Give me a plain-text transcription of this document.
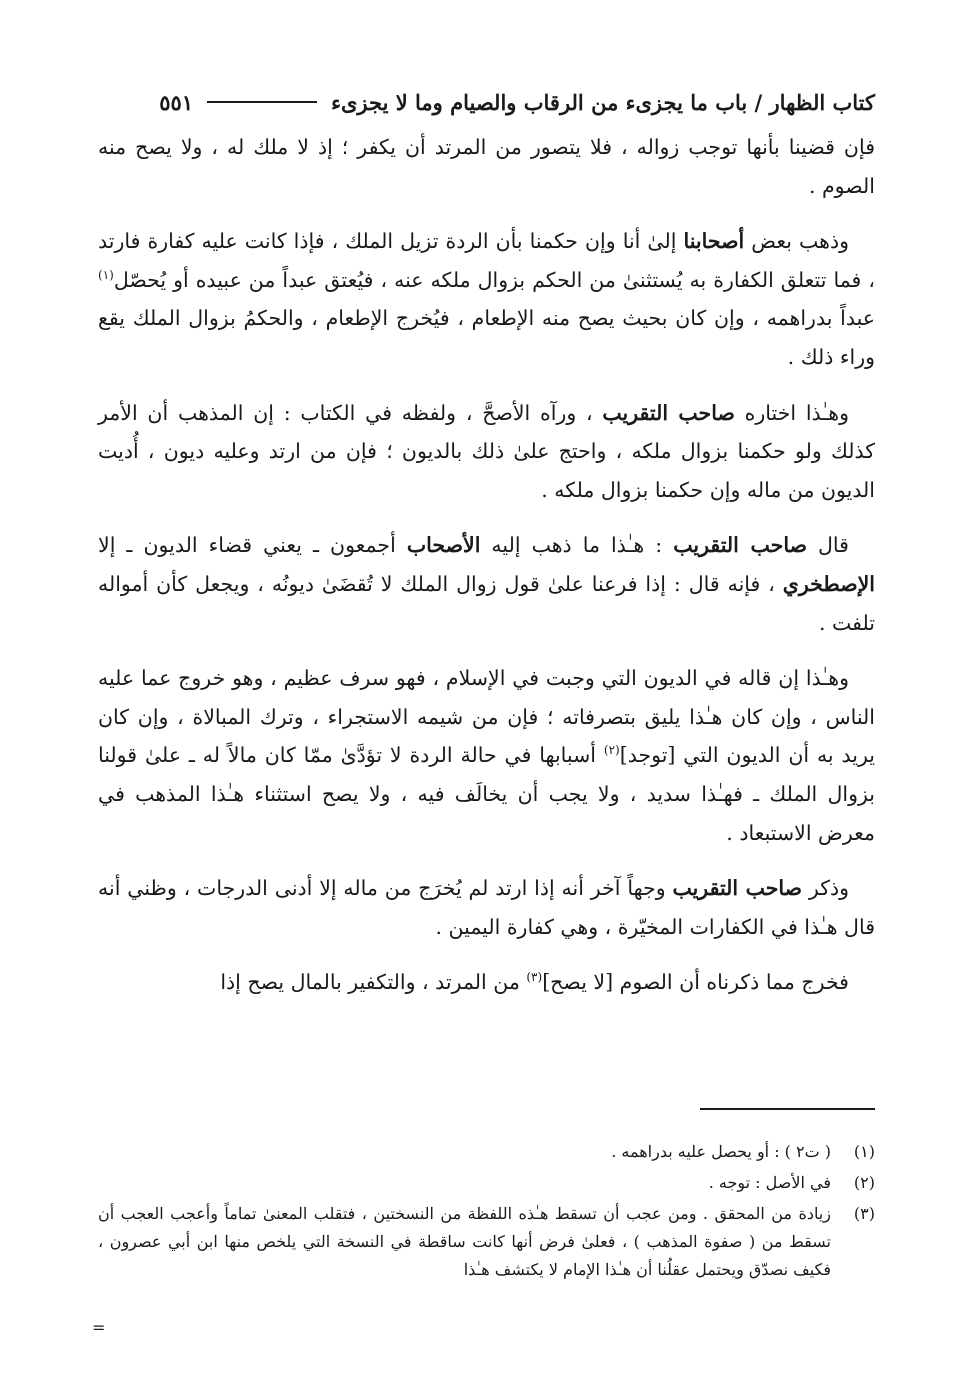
كتاب الظهار / باب ما يجزىء من الرقاب والصيام وما لا يجزىء
٥٥١

فإن قضينا بأنها توجب زواله ، فلا يتصور من المرتد أن يكفر ؛ إذ لا ملك له ، ولا يصح منه الصوم .

وذهب بعض أصحابنا إلىٰ أنا وإن حكمنا بأن الردة تزيل الملك ، فإذا كانت عليه كفارة فارتد ، فما تتعلق الكفارة به يُستثنىٰ من الحكم بزوال ملكه عنه ، فيُعتق عبداً من عبيده أو يُحصّل$^{(١)}$ عبداً بدراهمه ، وإن كان بحيث يصح منه الإطعام ، فيُخرج الإطعام ، والحكمُ بزوال الملك يقع وراء ذلك .

وهـٰذا اختاره صاحب التقريب ، ورآه الأصحَّ ، ولفظه في الكتاب : إن المذهب أن الأمر كذلك ولو حكمنا بزوال ملكه ، واحتج علىٰ ذلك بالديون ؛ فإن من ارتد وعليه ديون ، أُديت الديون من ماله وإن حكمنا بزوال ملكه .

قال صاحب التقريب : هـٰذا ما ذهب إليه الأصحاب أجمعون ـ يعني قضاء الديون ـ إلا الإصطخري ، فإنه قال : إذا فرعنا علىٰ قول زوال الملك لا تُقضَىٰ ديونُه ، ويجعل كأن أمواله تلفت .

وهـٰذا إن قاله في الديون التي وجبت في الإسلام ، فهو سرف عظيم ، وهو خروج عما عليه الناس ، وإن كان هـٰذا يليق بتصرفاته ؛ فإن من شيمه الاستجراء ، وترك المبالاة ، وإن كان يريد به أن الديون التي [توجد]$^{(٢)}$ أسبابها في حالة الردة لا تؤدَّىٰ ممّا كان مالاً له ـ علىٰ قولنا بزوال الملك ـ فهـٰذا سديد ، ولا يجب أن يخالَف فيه ، ولا يصح استثناء هـٰذا المذهب في معرض الاستبعاد .

وذكر صاحب التقريب وجهاً آخر أنه إذا ارتد لم يُخرَج من ماله إلا أدنى الدرجات ، وظني أنه قال هـٰذا في الكفارات المخيّرة ، وهي كفارة اليمين .

فخرج مما ذكرناه أن الصوم [لا يصح]$^{(٣)}$ من المرتد ، والتكفير بالمال يصح إذا

(١)
( ت٢ ) : أو يحصل عليه بدراهمه .
(٢)
في الأصل : توجه .
(٣)
زيادة من المحقق . ومن عجب أن تسقط هـٰذه اللفظة من النسختين ، فتقلب المعنىٰ تماماً وأعجب العجب أن تسقط من ( صفوة المذهب ) ، فعلىٰ فرض أنها كانت ساقطة في النسخة التي يلخص منها ابن أبي عصرون ، فكيف نصدّق ويحتمل عقلُنا أن هـٰذا الإمام لا يكتشف هـٰذا
=
